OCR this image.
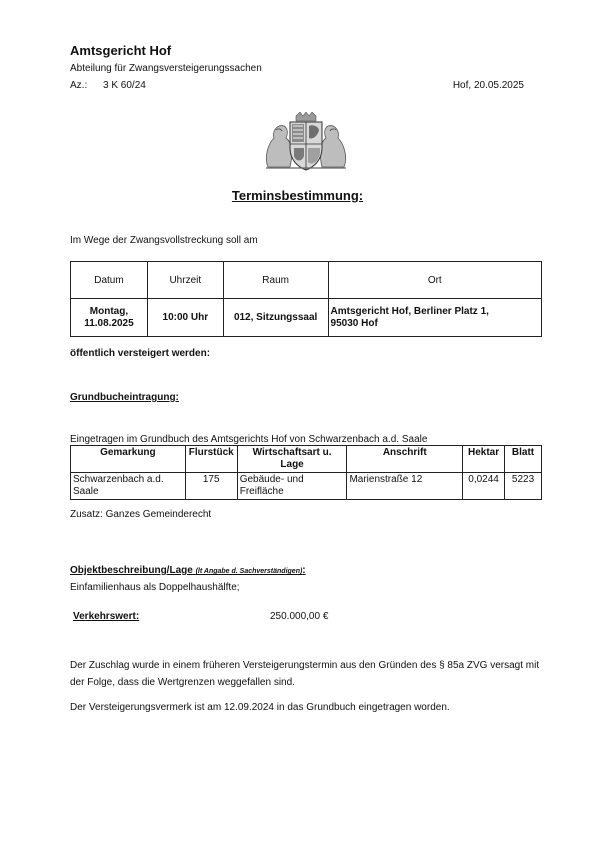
Amtsgericht Hof
Abteilung für Zwangsversteigerungssachen
Az.: 3 K 60/24	Hof, 20.05.2025
Terminsbestimmung:
Im Wege der Zwangsvollstreckung soll am
Datum	Uhrzeit	Raum	Ort
Montag,
11.08.2025	10:00 Uhr	012, Sitzungssaal	Amtsgericht Hof, Berliner Platz 1,
95030 Hof
öffentlich versteigert werden:
Grundbucheintragung:
Eingetragen im Grundbuch des Amtsgerichts Hof von Schwarzenbach a.d. Saale
Gemarkung	Flurstück	Wirtschaftsart u. Lage	Anschrift	Hektar	Blatt
Schwarzenbach a.d. Saale	175	Gebäude- und Freifläche	Marienstraße 12	0,0244	5223
Zusatz: Ganzes Gemeinderecht
Objektbeschreibung/Lage (lt Angabe d. Sachverständigen):
Einfamilienhaus als Doppelhaushälfte;
Verkehrswert:	250.000,00 €
Der Zuschlag wurde in einem früheren Versteigerungstermin aus den Gründen des § 85a ZVG versagt mit der Folge, dass die Wertgrenzen weggefallen sind.
Der Versteigerungsvermerk ist am 12.09.2024 in das Grundbuch eingetragen worden.
